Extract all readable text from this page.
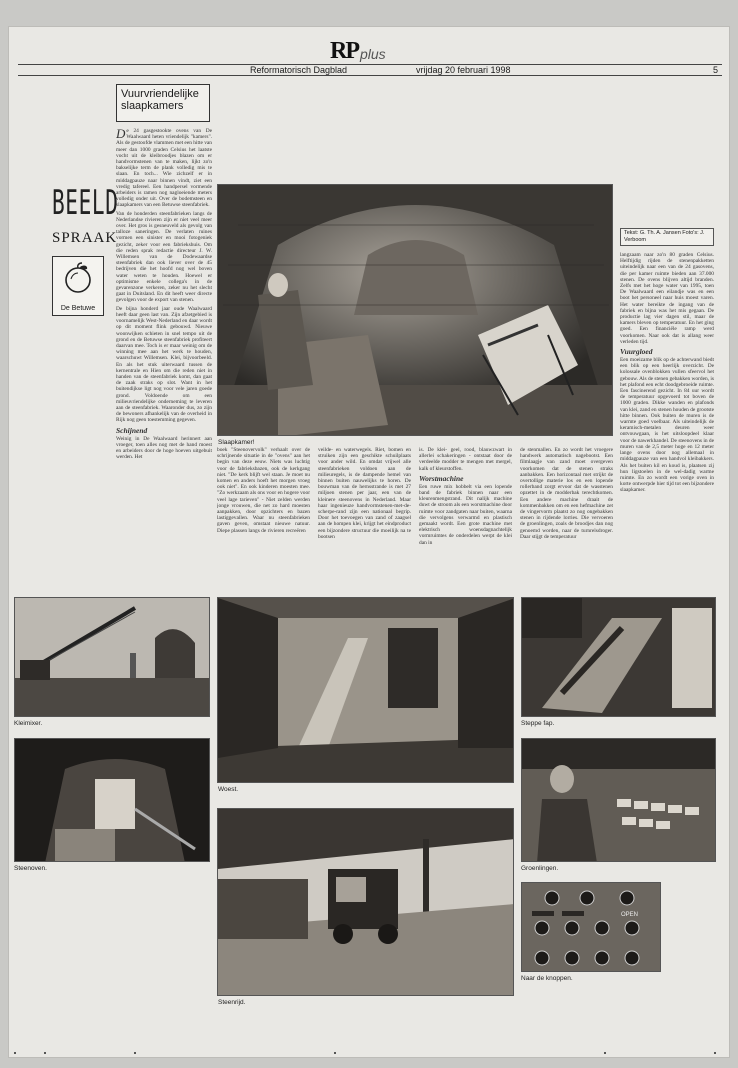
RP plus
Reformatorisch Dagblad	vrijdag 20 februari 1998	5
Vuurvriendelijke slaapkamers
BEELD
SPRAAK
De Betuwe

De 24 gasgestookte ovens van De Waalwaard heten vriendelijk "kamers". Als de gestoofde vlammen met een hitte van meer dan 1000 graden Celsius het laatste vocht uit de kleibroodjes blazen om er handvormstenen van te maken, lijkt zo'n bakselijke term de plank volledig mis te slaan. En toch... Wie zichzelf er in middagpauze naar binnen vindt, ziet een vredig tafereel. Een handpersel vormende arbeiders is ramen nog nagloeiende meters volledig onder uit. Over de bodemsteen en slaapkamers van een Betuwse steenfabriek.

Van de honderden steenfabrieken langs de Nederlandse rivieren zijn er niet veel meer over. Het gros is gesneuveld als gevolg van talloze saneringen. De verlaten ruines vormen een sinister en mooi fotogeniek gezicht, zeker voor een fabriekshuis. Om die reden sprak redactie directeur J. W. Willemsen van de Dodewaardse steenfabriek dan ook liever over de 45 bedrijven die het hoofd nog wel boven water weten te houden. Hoewel er optimisme enkele collega's in de gevarenzone verkeren, zeker nu het slecht gaat in Duitsland. En dit heeft weer directe gevolgen voor de export van stenen.

De bijna honderd jaar oude Waalwaard heeft daar geen last van. Zijn afzetgebied is voornamelijk West-Nederland en daar wordt op dit moment flink gebouwd. Nieuwe woonwijken schieten in snel tempo uit de grond en de Betuwse steenfabriek profiteert daarvan mee. Toch is er maar weinig om de winning mee aan het werk te houden, waarschuwt Willemsen. Klei, bijvoorbeeld. En als het stuk uiterwaard tussen de kernentrale en Hien om die reden niet in handen van de steenfabriek komt, dan gaat de zaak straks op slot. Want in het buitendijkse ligt nog voor vele jaren goede grond. Voldoende om een milieuvriendelijke onderneming te leveren aan de steenfabriek. Waaronder dus, zo zijn de bewoners afhankelijk van de overheid in Rijk nog geen toestemming gegeven.

Schijnend

Weinig in De Waalwaard herinnert aan vroeger, toen alles nog met de hand moest en arbeiders door de hoge hoeven uitgebuit werden. Het

Slaapkamer!
Tekst: G. Th. A. Jansen Foto's: J. Verboom
boek "Steenovervolk" verhaalt over de schrijnende situatie in de "ovens" aan het begin van deze eeuw. Niets was luchtig voor de fabrieksbazen, ook de kerkgang niet. "De kerk blijft wel staan. Je moet nu komen en anders hoeft het morgen vroeg ook niet". En ook kinderen moesten mee. "Zo werkzaam als ons voor en hogere voor veel lage tarieven" - Niet zelden werden jonge vrouwen, die net zo hard moesten aanpakken, door opzichters en bazen lastiggevallen. Waar nu steenfabrieken gaven geven, omstaat nieuwe natuur. Diepe plassen langs de rivieren recreëren
veilde- en waterwegels. Riet, bomen en struiken zijn een geschikte schuilplaats voor ander wild. En omdat vrijwel alle steenfabrieken voldoen aan de milieuregels, is de dampende hemel van binnen buiten nauwelijks te horen. De bouwman van de hernsstrande is met 27 miljoen stenen per jaar, een van de kleinere steenovens in Nederland. Maar haar ingenieuze handvormstenen-met-de-scherpe-rand zijn een nationaal begrip. Door het toevoegen van zand of zaagsel aan de hompen klei, krijgt het eindproduct een bijzondere structuur die moeilijk na te bootsen

is. De klei- geel, rood, blauwzwart in allerlei schakeringen - ontstaat door de verdeelde modder te mengen met mergel, kalk of kleurstoffen.

Worstmachine

Een ruwe mix hobbelt via een lopende band de fabriek binnen naar een kleurenmengstrand. Dit nalijk machine duwt de stroom als een worstmachine door ruimte voor zandgaten naar buiten, waarna die vervolgens verwarmd en plastisch gemaakt wordt. Een grote machine met elektrisch woensdagnachtelijk vormruimtes de onderdelen werpt de klei dan in

de stenmallen. En zo wordt het vroegere handwerk automatisch nagebootst. Een filmlaagje van zand moet overgeven voorkomen dat de stenen straks aanbakken. Een horizontaal met strijkt de overtollige materie los en een lopende rollerband zorgt ervoor dat de wasstenen opzettet in de modderbak terechtkomen. Een andere machine draait de kommenbakken om en een hefmachine zet de vingervorm plaatst zo nog ongebakken stenen in rijdende lorries. Die vervoeren de groenlingen, zoals de broodjes dan nog genoemd worden, naar de turnrelsdroger. Daar stijgt de temperatuur

langzaam naar zo'n 80 graden Celsius. Helftijdig rijden de stenenpakketten uiteindelijk naar een van de 24 gasovens, die per kamer ruimte bieden aan 37.000 stenen. De ovens blijven altijd branden. Zelfs met het hoge water van 1995, toen De Waalwaard een eilandje was en een boot het personeel naar huis moest varen. Het water bereikte de ingang van de fabriek en bijna was het mis gegaan. De productie lag vier dagen stil, maar de kamers bleven op temperatuur. En het ging goed. Een financiële ramp werd voorkomen. Naar ook dat is allang weer verleden tijd.

Vuurgloed

Een moeizame blik op de achterwand biedt een blik op een heerlijk overzicht. De kolossale ovenblokken vullen sfeervol het gebouw. Als de stenen gebakken worden, is het plafond een echt doodgebroeide ruimte. Een fascinerend gezicht. In 84 uur wordt de temperatuur opgevoerd tot boven de 1000 graden. Dikke wanden en plafonds van klei, zand en stenen houden de grootste hitte binnen. Ook buiten de muren is de warmte goed voelbaar. Als uiteindelijk de keramisch-metalen deuren weer ontvouwgaan, is het uitsloopdeel klaar voor de nawerkhandel. De steenovens in de muren van de 2,5 meter hoge en 12 meter lange ovens door nog allemaal in middagpauze van een handvol kleibakkers. Als het buiten kil en koud is, plaatsen zij hun ligstoelen in de wel-dadig warme ruimte. En zo wordt een vorige oven in korte ontwerpde hier tijd tot een bijzondere slaapkamer.

Kleimixer.
Steenoven.
Woest.
Steenrijd.
Steppe fap.
Groenlingen.
OPEN
Naar de knoppen.
